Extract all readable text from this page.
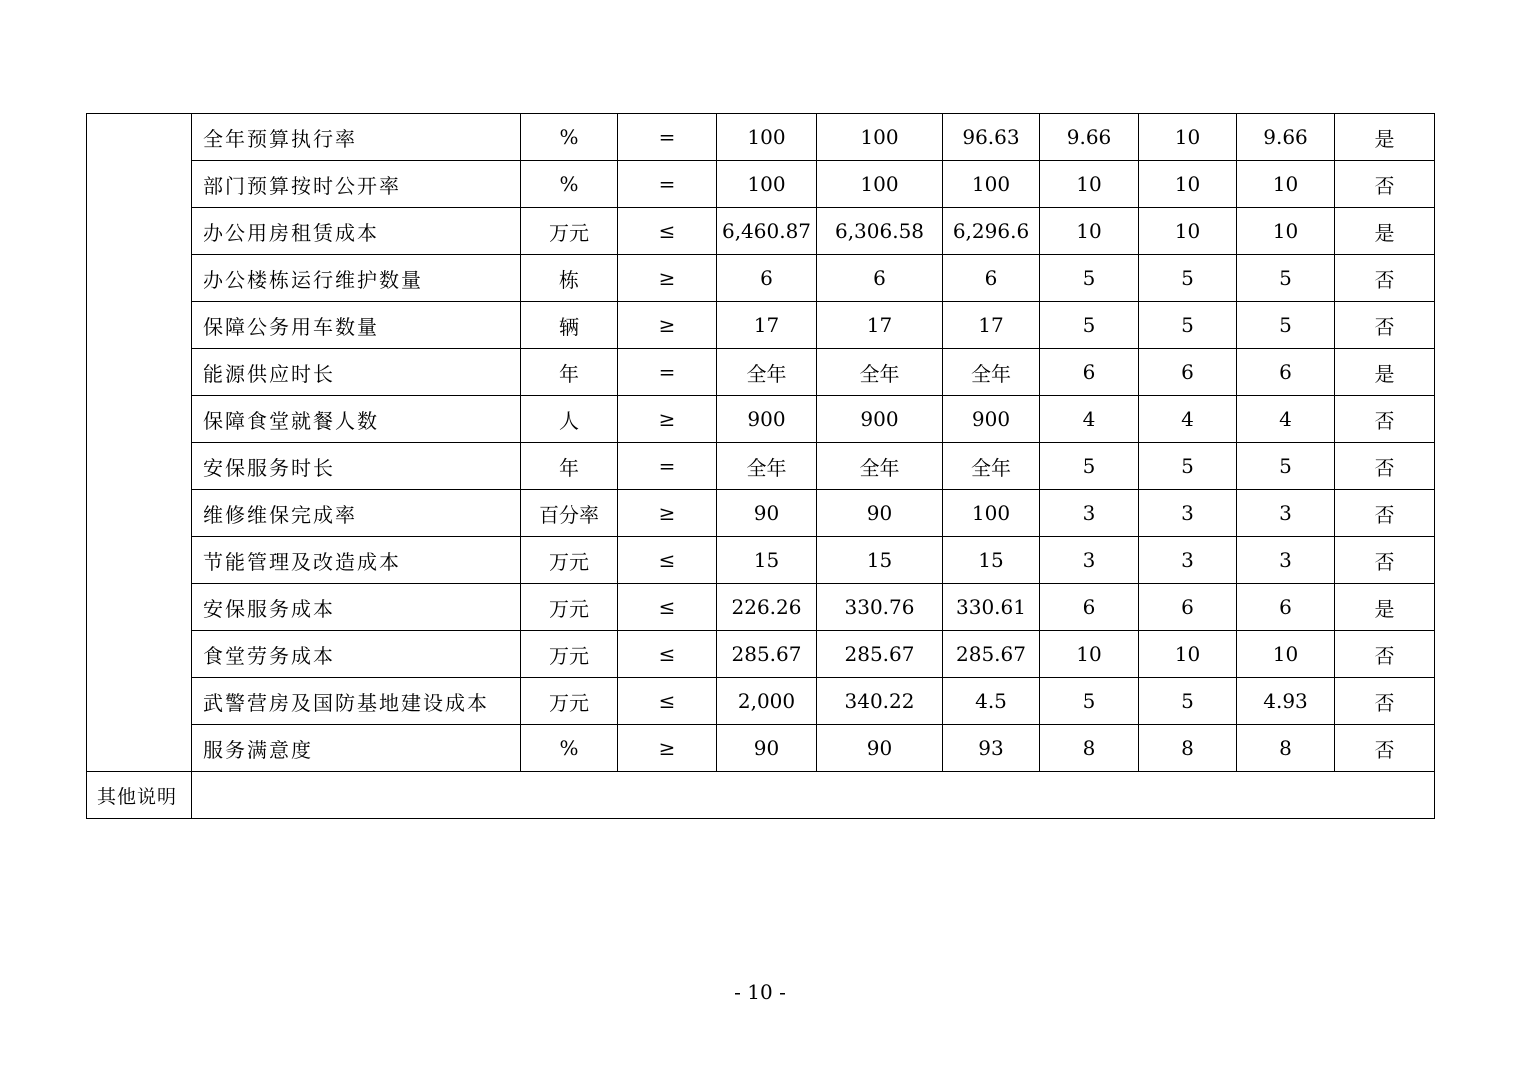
	全年预算执行率	%	=	100	100	96.63	9.66	10	9.66	是
	部门预算按时公开率	%	=	100	100	100	10	10	10	否
	办公用房租赁成本	万元	≤	6,460.87	6,306.58	6,296.6	10	10	10	是
	办公楼栋运行维护数量	栋	≥	6	6	6	5	5	5	否
	保障公务用车数量	辆	≥	17	17	17	5	5	5	否
	能源供应时长	年	=	全年	全年	全年	6	6	6	是
	保障食堂就餐人数	人	≥	900	900	900	4	4	4	否
	安保服务时长	年	=	全年	全年	全年	5	5	5	否
	维修维保完成率	百分率	≥	90	90	100	3	3	3	否
	节能管理及改造成本	万元	≤	15	15	15	3	3	3	否
	安保服务成本	万元	≤	226.26	330.76	330.61	6	6	6	是
	食堂劳务成本	万元	≤	285.67	285.67	285.67	10	10	10	否
	武警营房及国防基地建设成本	万元	≤	2,000	340.22	4.5	5	5	4.93	否
	服务满意度	%	≥	90	90	93	8	8	8	否
其他说明										
- 10 -
